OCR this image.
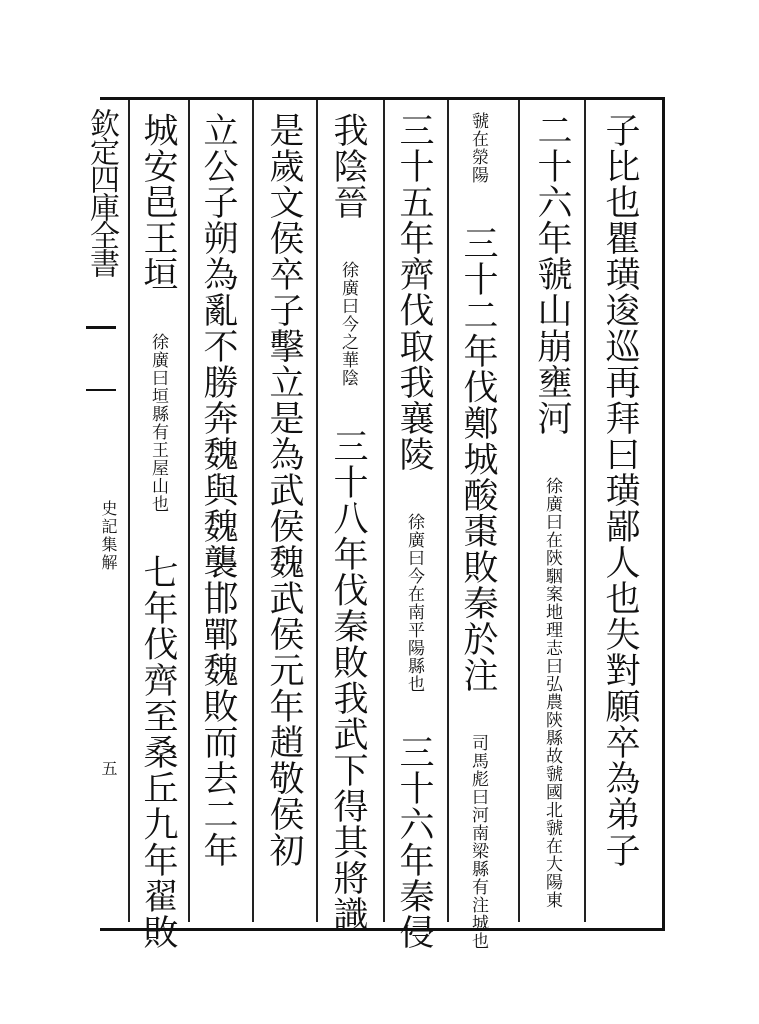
欽定四庫全書
史記集解
五	子比也瞿璜逡巡再拜曰璜鄙人也失對願卒為弟子
二十六年虢山崩壅河 徐廣曰在陝駰案地理志曰弘農陝縣故虢國北虢在大陽東
虢在滎陽 三十二年伐鄭城酸棗敗秦於注 司馬彪曰河南梁縣有注城也
三十五年齊伐取我襄陵 徐廣曰今在南平陽縣也 三十六年秦侵
我陰晉 徐廣曰今之華陰 三十八年伐秦敗我武下得其將識
是歲文侯卒子擊立是為武侯魏武侯元年趙敬侯初
立公子朔為亂不勝奔魏與魏襲邯鄲魏敗而去二年
城安邑王垣 徐廣曰垣縣有王屋山也 七年伐齊至桑丘九年翟敗
